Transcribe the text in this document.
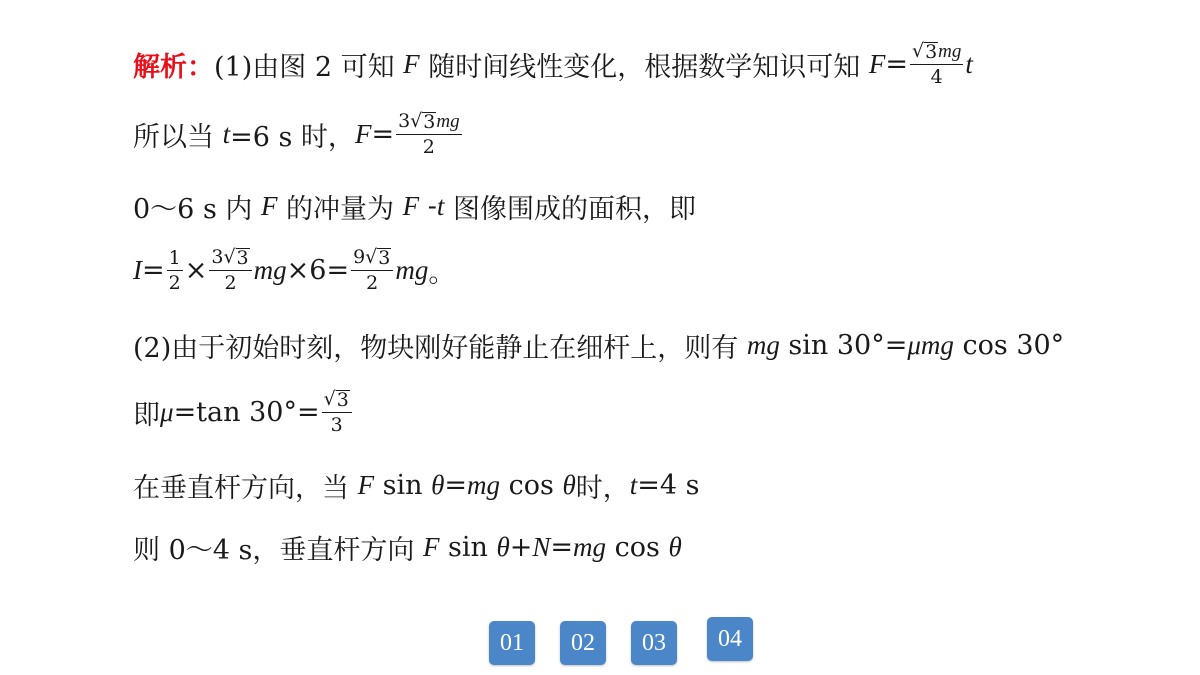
解析： (1)由图 2 可知 F 随时间线性变化，根据数学知识可知 $F = \frac{√ 3 mg}{4}$ t
所以当 t =6 s 时， $F = \frac{3 √ 3 mg}{2}$
0～6 s 内 F 的冲量为 F - t 图像围成的面积，即
$I = \frac{1}{2} \times \frac{3 √ 3}{2}$ mg $\times 6= \frac{9 √ 3}{2}$ mg 。
(2)由于初始时刻，物块刚好能静止在细杆上，则有 mg sin 30°= μmg cos 30°
即 μ =tan $30^\circ= \frac{√ 3}{3}$
在垂直杆方向，当 F sin θ = mg cos θ 时， t =4 s
则 0～4 s，垂直杆方向 F sin θ + N = mg cos θ
01	02	03	04
